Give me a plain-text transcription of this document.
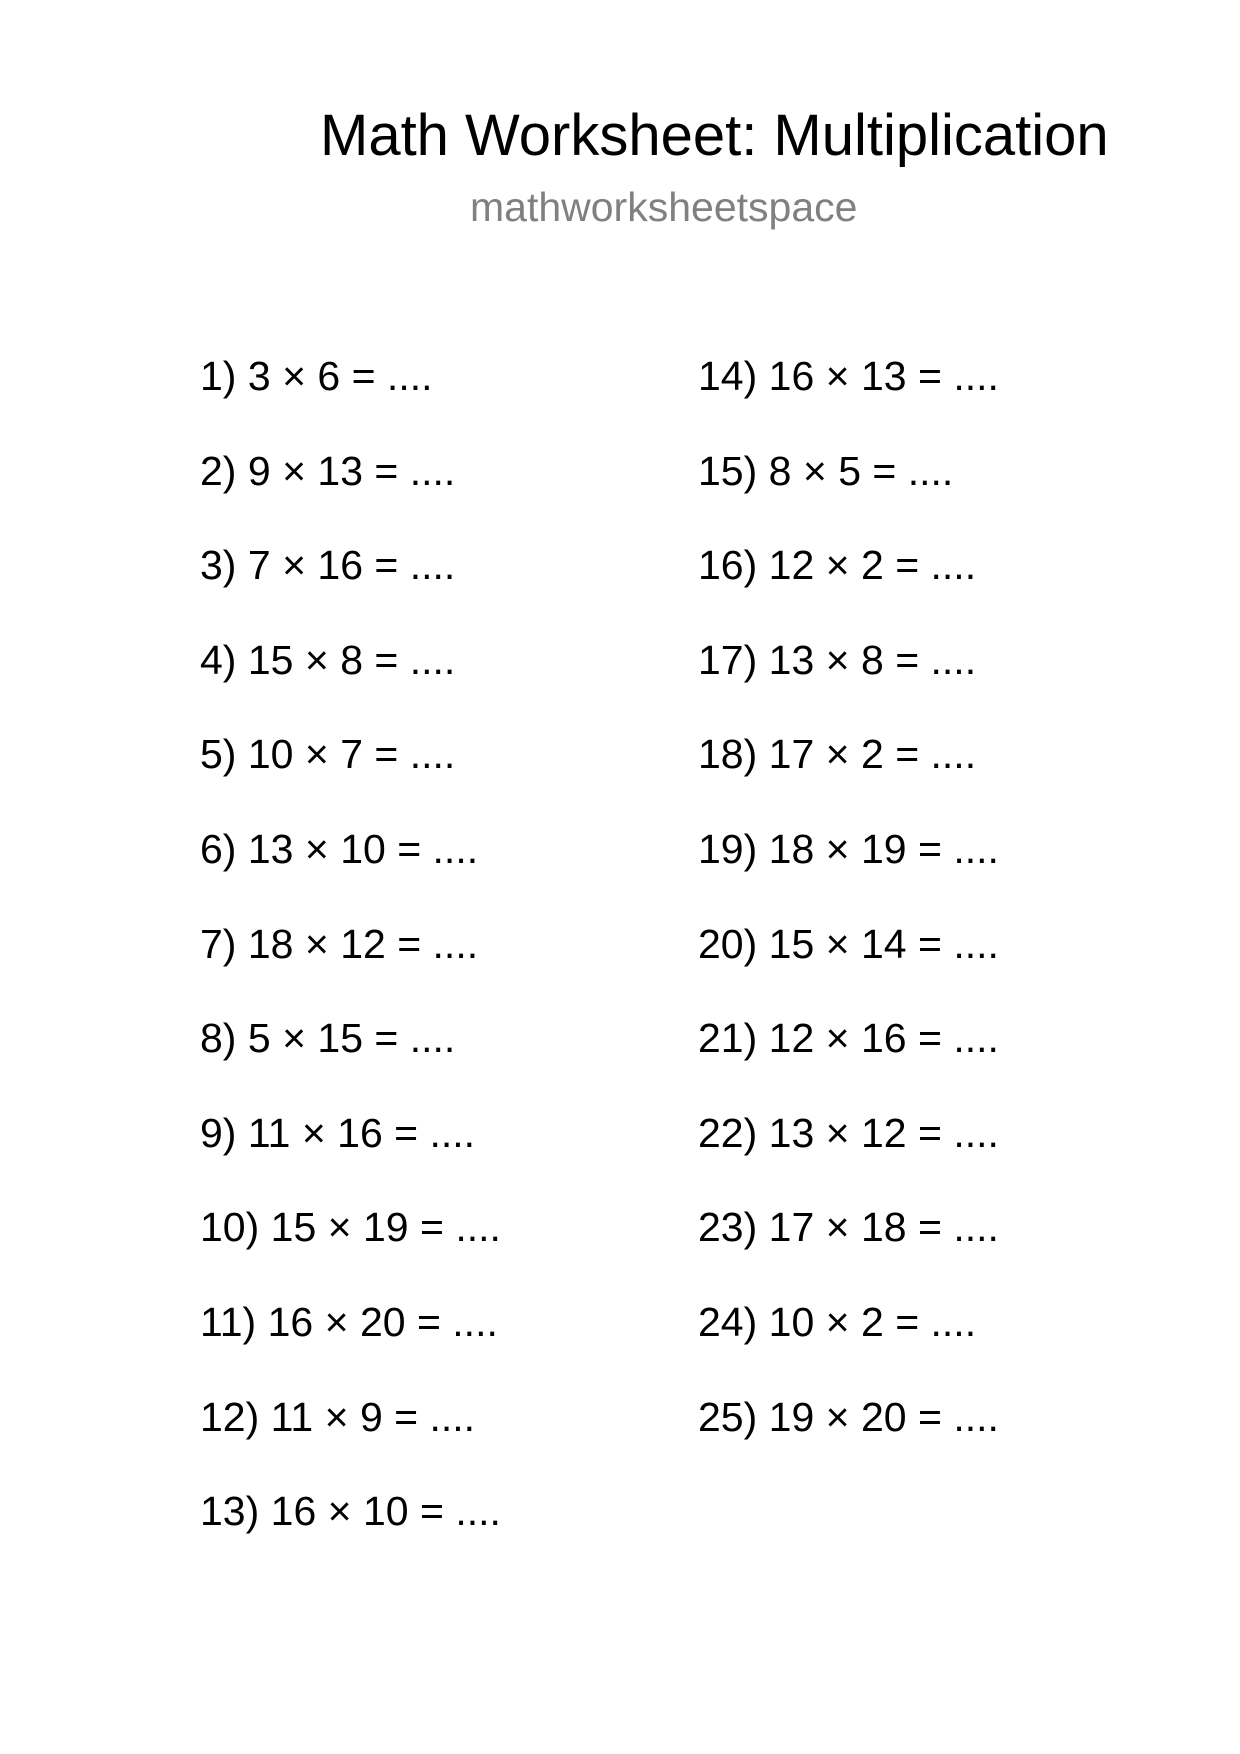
Math Worksheet: Multiplication
mathworksheetspace
1) 3 × 6 = ....
2) 9 × 13 = ....
3) 7 × 16 = ....
4) 15 × 8 = ....
5) 10 × 7 = ....
6) 13 × 10 = ....
7) 18 × 12 = ....
8) 5 × 15 = ....
9) 11 × 16 = ....
10) 15 × 19 = ....
11) 16 × 20 = ....
12) 11 × 9 = ....
13) 16 × 10 = ....
14) 16 × 13 = ....
15) 8 × 5 = ....
16) 12 × 2 = ....
17) 13 × 8 = ....
18) 17 × 2 = ....
19) 18 × 19 = ....
20) 15 × 14 = ....
21) 12 × 16 = ....
22) 13 × 12 = ....
23) 17 × 18 = ....
24) 10 × 2 = ....
25) 19 × 20 = ....
